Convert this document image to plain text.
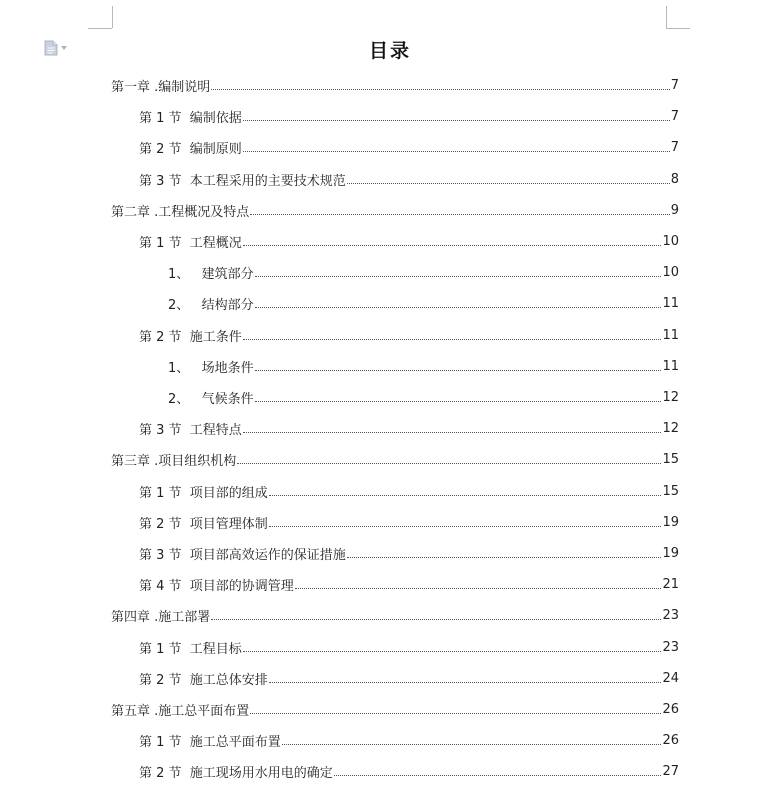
目录
第一章 .编制说明	7
第 1 节 编制依据	7
第 2 节 编制原则	7
第 3 节 本工程采用的主要技术规范	8
第二章 .工程概况及特点	9
第 1 节 工程概况	10
1、 建筑部分	10
2、 结构部分	11
第 2 节 施工条件	11
1、 场地条件	11
2、 气候条件	12
第 3 节 工程特点	12
第三章 .项目组织机构	15
第 1 节 项目部的组成	15
第 2 节 项目管理体制	19
第 3 节 项目部高效运作的保证措施	19
第 4 节 项目部的协调管理	21
第四章 .施工部署	23
第 1 节 工程目标	23
第 2 节 施工总体安排	24
第五章 .施工总平面布置	26
第 1 节 施工总平面布置	26
第 2 节 施工现场用水用电的确定	27
